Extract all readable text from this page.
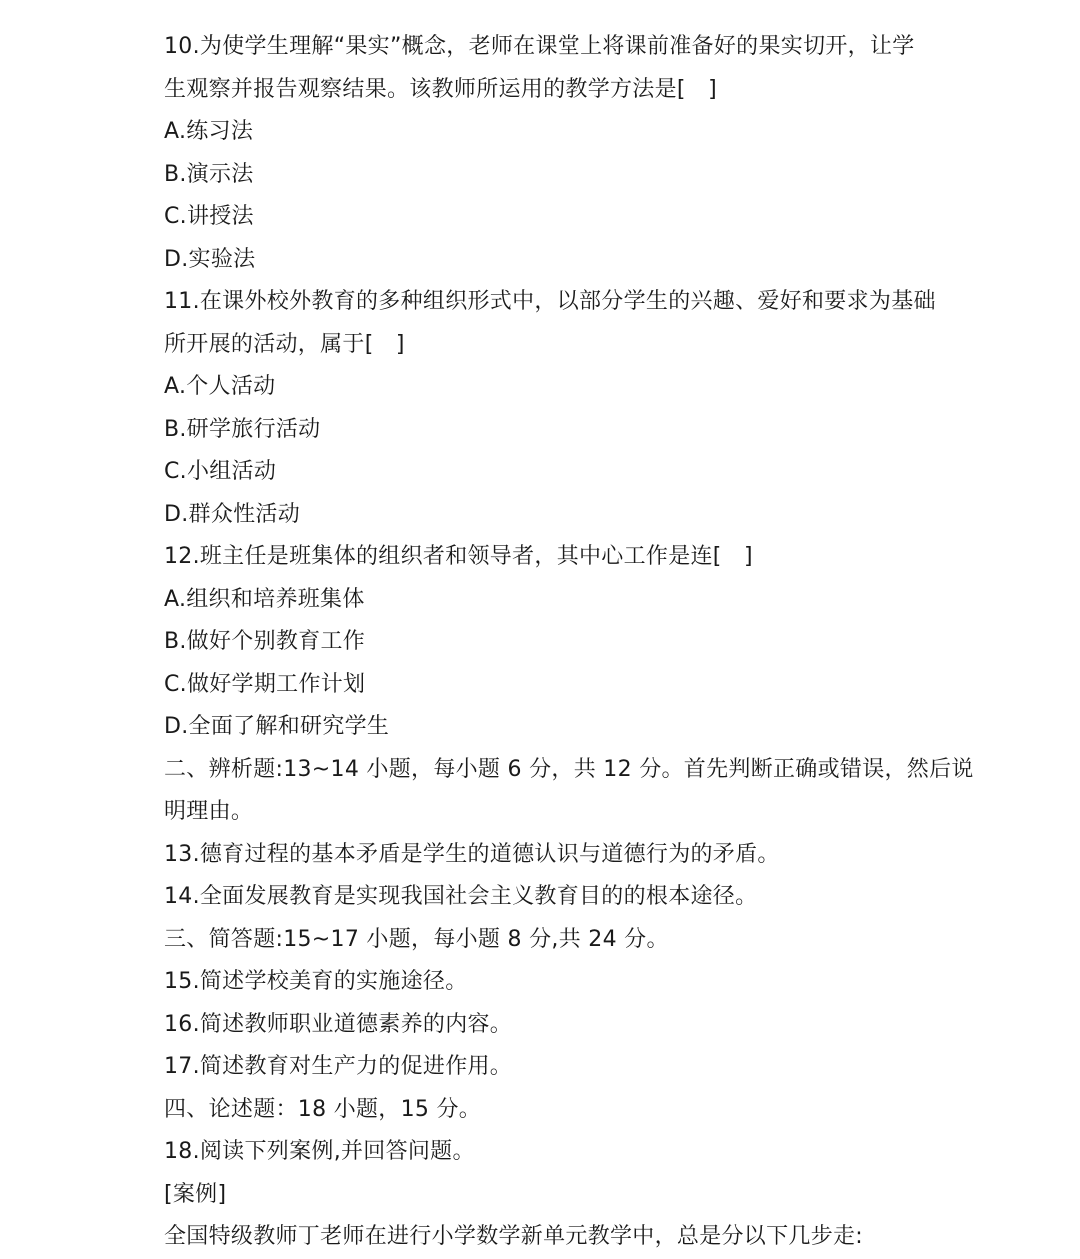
10.为使学生理解“果实”概念，老师在课堂上将课前准备好的果实切开，让学
生观察并报告观察结果。该教师所运用的教学方法是[　]
A.练习法
B.演示法
C.讲授法
D.实验法
11.在课外校外教育的多种组织形式中，以部分学生的兴趣、爱好和要求为基础
所开展的活动，属于[　]
A.个人活动
B.研学旅行活动
C.小组活动
D.群众性活动
12.班主任是班集体的组织者和领导者，其中心工作是连[　]
A.组织和培养班集体
B.做好个别教育工作
C.做好学期工作计划
D.全面了解和研究学生
二、辨析题:13~14 小题，每小题 6 分，共 12 分。首先判断正确或错误，然后说
明理由。
13.德育过程的基本矛盾是学生的道德认识与道德行为的矛盾。
14.全面发展教育是实现我国社会主义教育目的的根本途径。
三、简答题:15~17 小题，每小题 8 分,共 24 分。
15.简述学校美育的实施途径。
16.简述教师职业道德素养的内容。
17.简述教育对生产力的促进作用。
四、论述题：18 小题，15 分。
18.阅读下列案例,并回答问题。
[案例]
全国特级教师丁老师在进行小学数学新单元教学中，总是分以下几步走:
